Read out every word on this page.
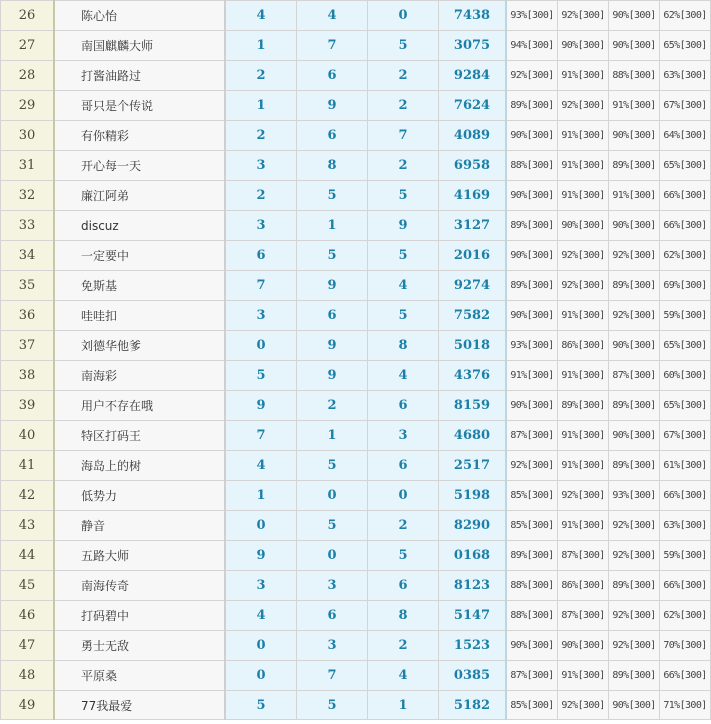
26	陈心怡	4	4	0	7438	93%[300]	92%[300]	90%[300]	62%[300]
27	南国麒麟大师	1	7	5	3075	94%[300]	90%[300]	90%[300]	65%[300]
28	打酱油路过	2	6	2	9284	92%[300]	91%[300]	88%[300]	63%[300]
29	哥只是个传说	1	9	2	7624	89%[300]	92%[300]	91%[300]	67%[300]
30	有你精彩	2	6	7	4089	90%[300]	91%[300]	90%[300]	64%[300]
31	开心每一天	3	8	2	6958	88%[300]	91%[300]	89%[300]	65%[300]
32	廉江阿弟	2	5	5	4169	90%[300]	91%[300]	91%[300]	66%[300]
33	discuz	3	1	9	3127	89%[300]	90%[300]	90%[300]	66%[300]
34	一定要中	6	5	5	2016	90%[300]	92%[300]	92%[300]	62%[300]
35	免斯基	7	9	4	9274	89%[300]	92%[300]	89%[300]	69%[300]
36	哇哇扣	3	6	5	7582	90%[300]	91%[300]	92%[300]	59%[300]
37	刘德华他爹	0	9	8	5018	93%[300]	86%[300]	90%[300]	65%[300]
38	南海彩	5	9	4	4376	91%[300]	91%[300]	87%[300]	60%[300]
39	用户不存在哦	9	2	6	8159	90%[300]	89%[300]	89%[300]	65%[300]
40	特区打码王	7	1	3	4680	87%[300]	91%[300]	90%[300]	67%[300]
41	海岛上的树	4	5	6	2517	92%[300]	91%[300]	89%[300]	61%[300]
42	低势力	1	0	0	5198	85%[300]	92%[300]	93%[300]	66%[300]
43	静音	0	5	2	8290	85%[300]	91%[300]	92%[300]	63%[300]
44	五路大师	9	0	5	0168	89%[300]	87%[300]	92%[300]	59%[300]
45	南海传奇	3	3	6	8123	88%[300]	86%[300]	89%[300]	66%[300]
46	打码碧中	4	6	8	5147	88%[300]	87%[300]	92%[300]	62%[300]
47	勇士无敌	0	3	2	1523	90%[300]	90%[300]	92%[300]	70%[300]
48	平原桑	0	7	4	0385	87%[300]	91%[300]	89%[300]	66%[300]
49	77我最爱	5	5	1	5182	85%[300]	92%[300]	90%[300]	71%[300]
